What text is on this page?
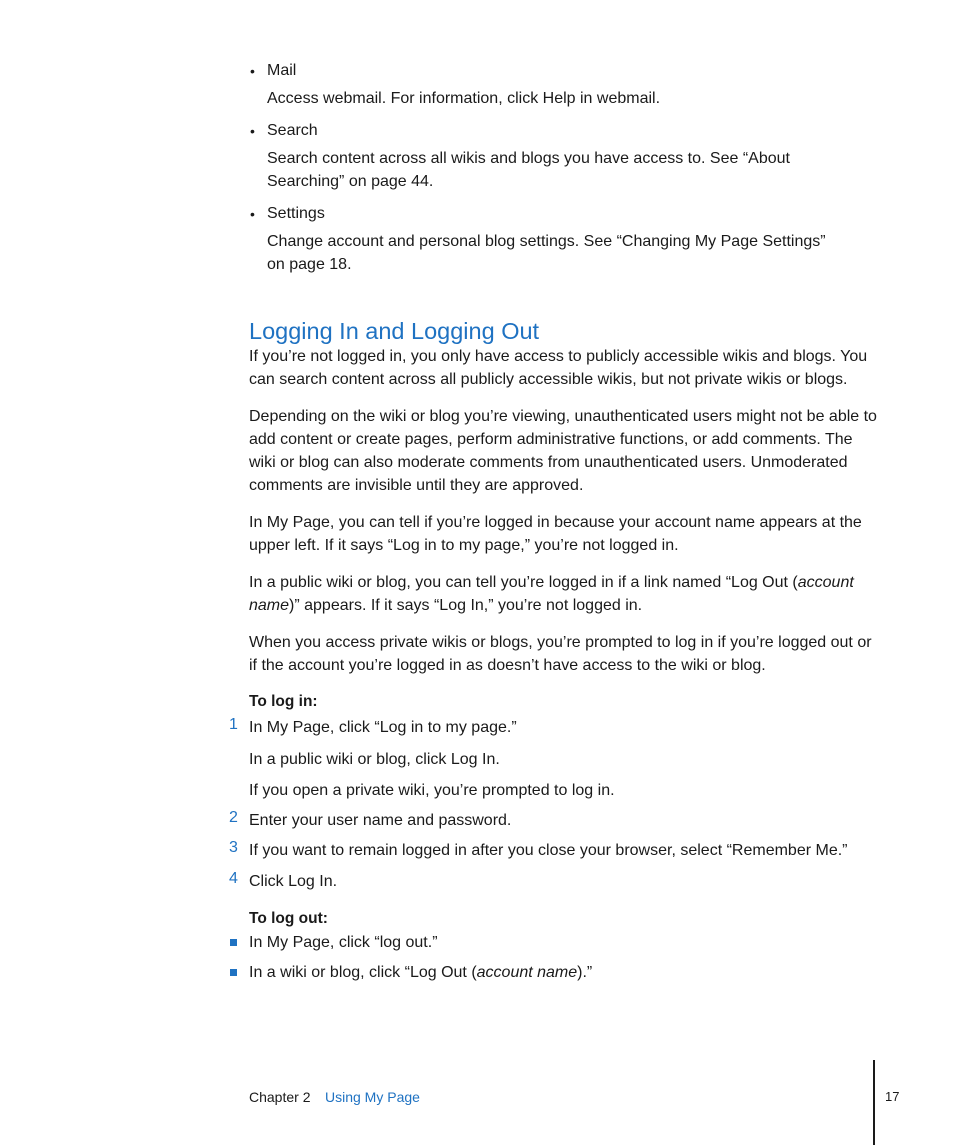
• Mail
Access webmail. For information, click Help in webmail.
• Search
Search content across all wikis and blogs you have access to. See “About Searching” on page 44.
• Settings
Change account and personal blog settings. See “Changing My Page Settings” on page 18.
Logging In and Logging Out

If you’re not logged in, you only have access to publicly accessible wikis and blogs. You can search content across all publicly accessible wikis, but not private wikis or blogs.

Depending on the wiki or blog you’re viewing, unauthenticated users might not be able to add content or create pages, perform administrative functions, or add comments. The wiki or blog can also moderate comments from unauthenticated users. Unmoderated comments are invisible until they are approved.

In My Page, you can tell if you’re logged in because your account name appears at the upper left. If it says “Log in to my page,” you’re not logged in.

In a public wiki or blog, you can tell you’re logged in if a link named “Log Out (account name)” appears. If it says “Log In,” you’re not logged in.

When you access private wikis or blogs, you’re prompted to log in if you’re logged out or if the account you’re logged in as doesn’t have access to the wiki or blog.

To log in:
1 In My Page, click “Log in to my page.”
In a public wiki or blog, click Log In.
If you open a private wiki, you’re prompted to log in.
2 Enter your user name and password.
3 If you want to remain logged in after you close your browser, select “Remember Me.”
4 Click Log In.
To log out:
In My Page, click “log out.”
In a wiki or blog, click “Log Out (account name).”
Chapter 2 Using My Page	17
